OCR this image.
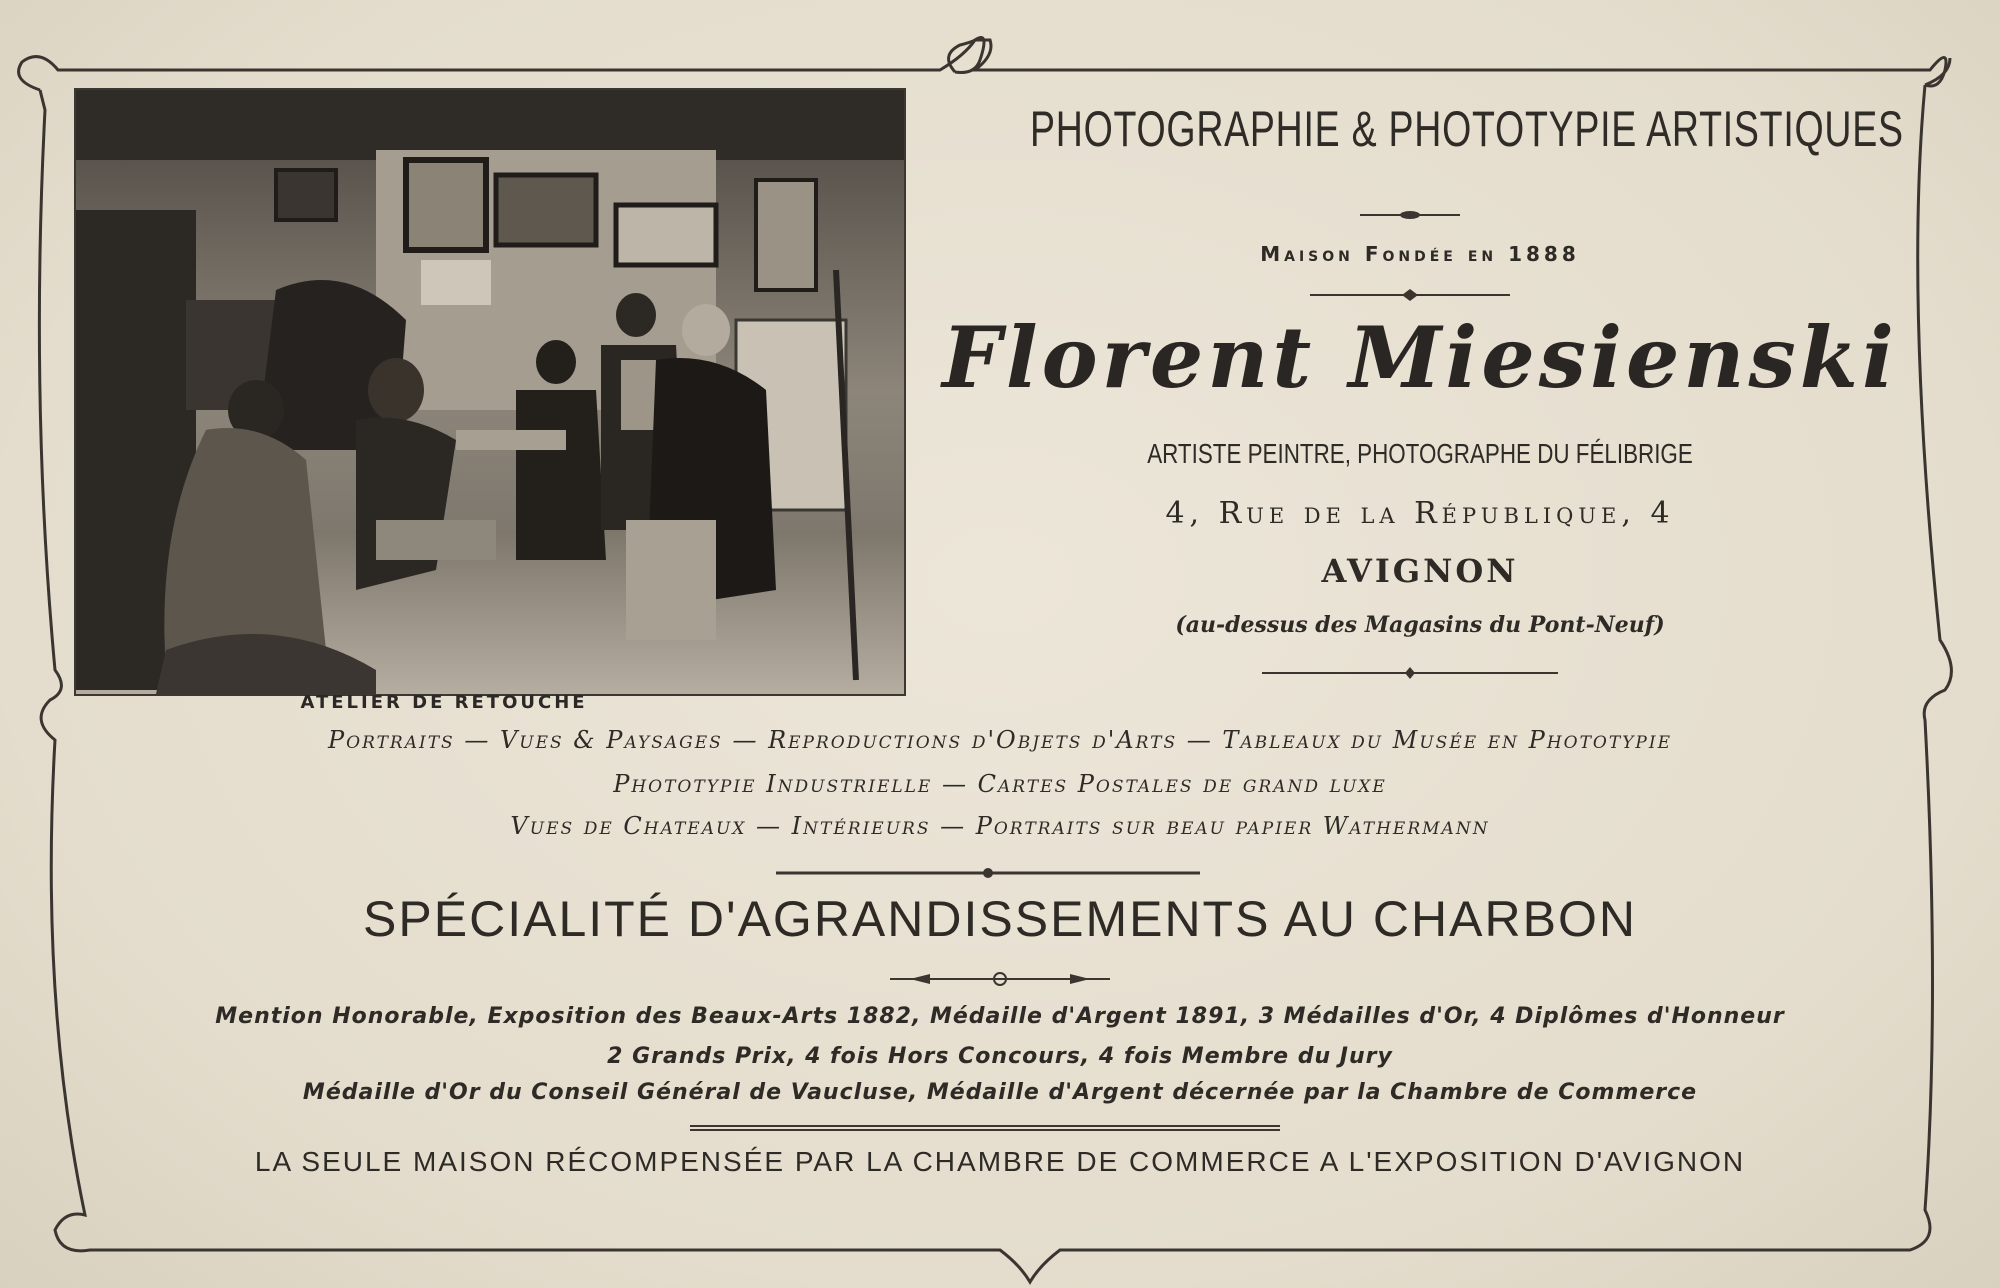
ATELIER DE RETOUCHE
PHOTOGRAPHIE & PHOTOTYPIE ARTISTIQUES
Maison Fondée en 1888
Florent Miesienski
ARTISTE PEINTRE, PHOTOGRAPHE DU FÉLIBRIGE
4, Rue de la République, 4
AVIGNON
(au-dessus des Magasins du Pont-Neuf)
Portraits — Vues & Paysages — Reproductions d'Objets d'Arts — Tableaux du Musée en Phototypie
Phototypie Industrielle — Cartes Postales de grand luxe
Vues de Chateaux — Intérieurs — Portraits sur beau papier Wathermann
SPÉCIALITÉ D'AGRANDISSEMENTS AU CHARBON
Mention Honorable, Exposition des Beaux-Arts 1882, Médaille d'Argent 1891, 3 Médailles d'Or, 4 Diplômes d'Honneur
2 Grands Prix, 4 fois Hors Concours, 4 fois Membre du Jury
Médaille d'Or du Conseil Général de Vaucluse, Médaille d'Argent décernée par la Chambre de Commerce
LA SEULE MAISON RÉCOMPENSÉE PAR LA CHAMBRE DE COMMERCE A L'EXPOSITION D'AVIGNON
